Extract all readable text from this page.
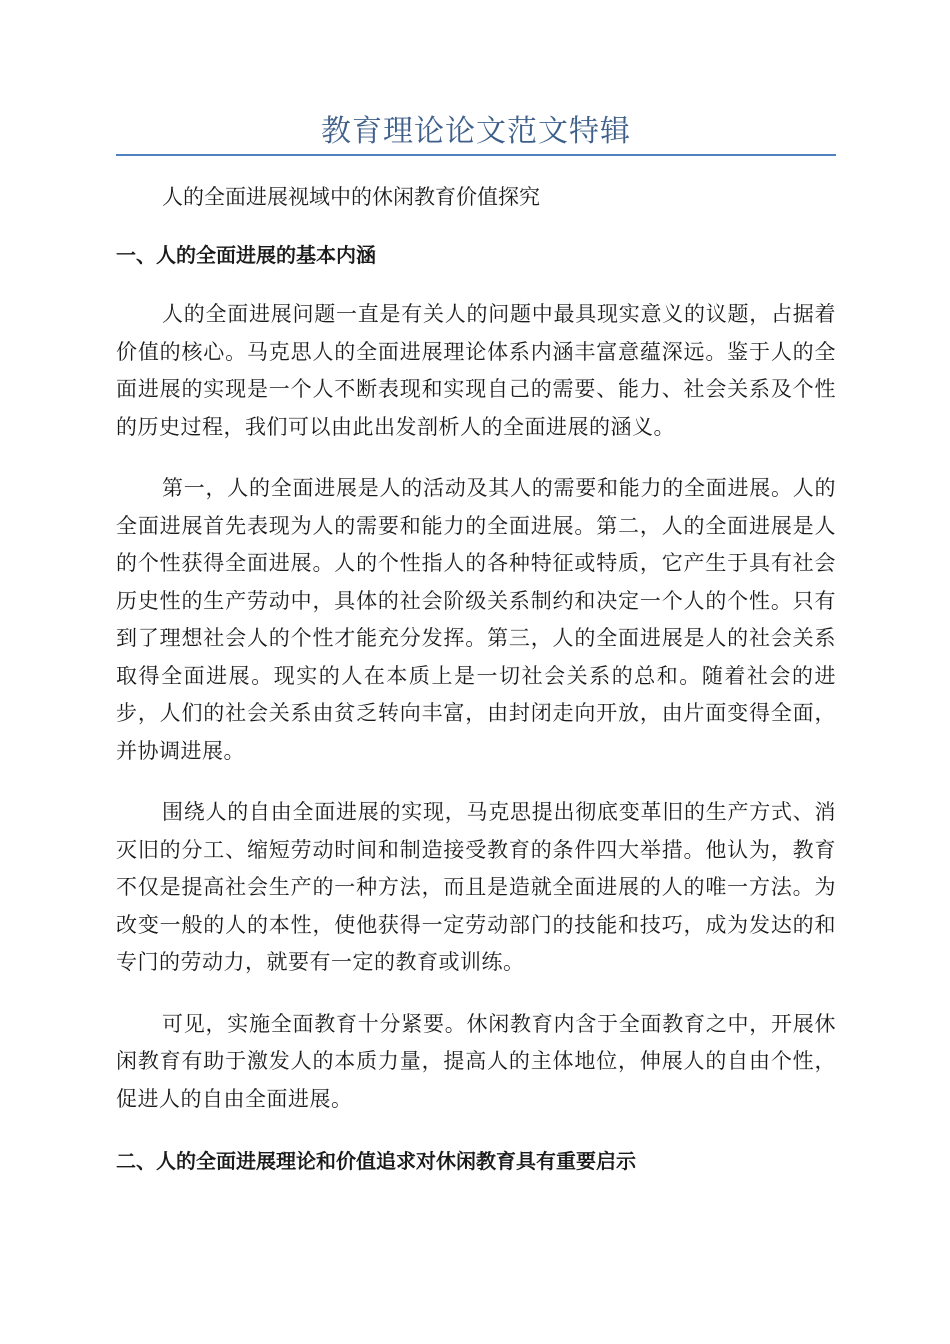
教育理论论文范文特辑
人的全面进展视域中的休闲教育价值探究
一、人的全面进展的基本内涵

人的全面进展问题一直是有关人的问题中最具现实意义的议题，占据着价值的核心。马克思人的全面进展理论体系内涵丰富意蕴深远。鉴于人的全面进展的实现是一个人不断表现和实现自己的需要、能力、社会关系及个性的历史过程，我们可以由此出发剖析人的全面进展的涵义。

第一，人的全面进展是人的活动及其人的需要和能力的全面进展。人的全面进展首先表现为人的需要和能力的全面进展。第二，人的全面进展是人的个性获得全面进展。人的个性指人的各种特征或特质，它产生于具有社会历史性的生产劳动中，具体的社会阶级关系制约和决定一个人的个性。只有到了理想社会人的个性才能充分发挥。第三，人的全面进展是人的社会关系取得全面进展。现实的人在本质上是一切社会关系的总和。随着社会的进步，人们的社会关系由贫乏转向丰富，由封闭走向开放，由片面变得全面，并协调进展。

围绕人的自由全面进展的实现，马克思提出彻底变革旧的生产方式、消灭旧的分工、缩短劳动时间和制造接受教育的条件四大举措。他认为，教育不仅是提高社会生产的一种方法，而且是造就全面进展的人的唯一方法。为改变一般的人的本性，使他获得一定劳动部门的技能和技巧，成为发达的和专门的劳动力，就要有一定的教育或训练。

可见，实施全面教育十分紧要。休闲教育内含于全面教育之中，开展休闲教育有助于激发人的本质力量，提高人的主体地位，伸展人的自由个性，促进人的自由全面进展。

二、人的全面进展理论和价值追求对休闲教育具有重要启示
